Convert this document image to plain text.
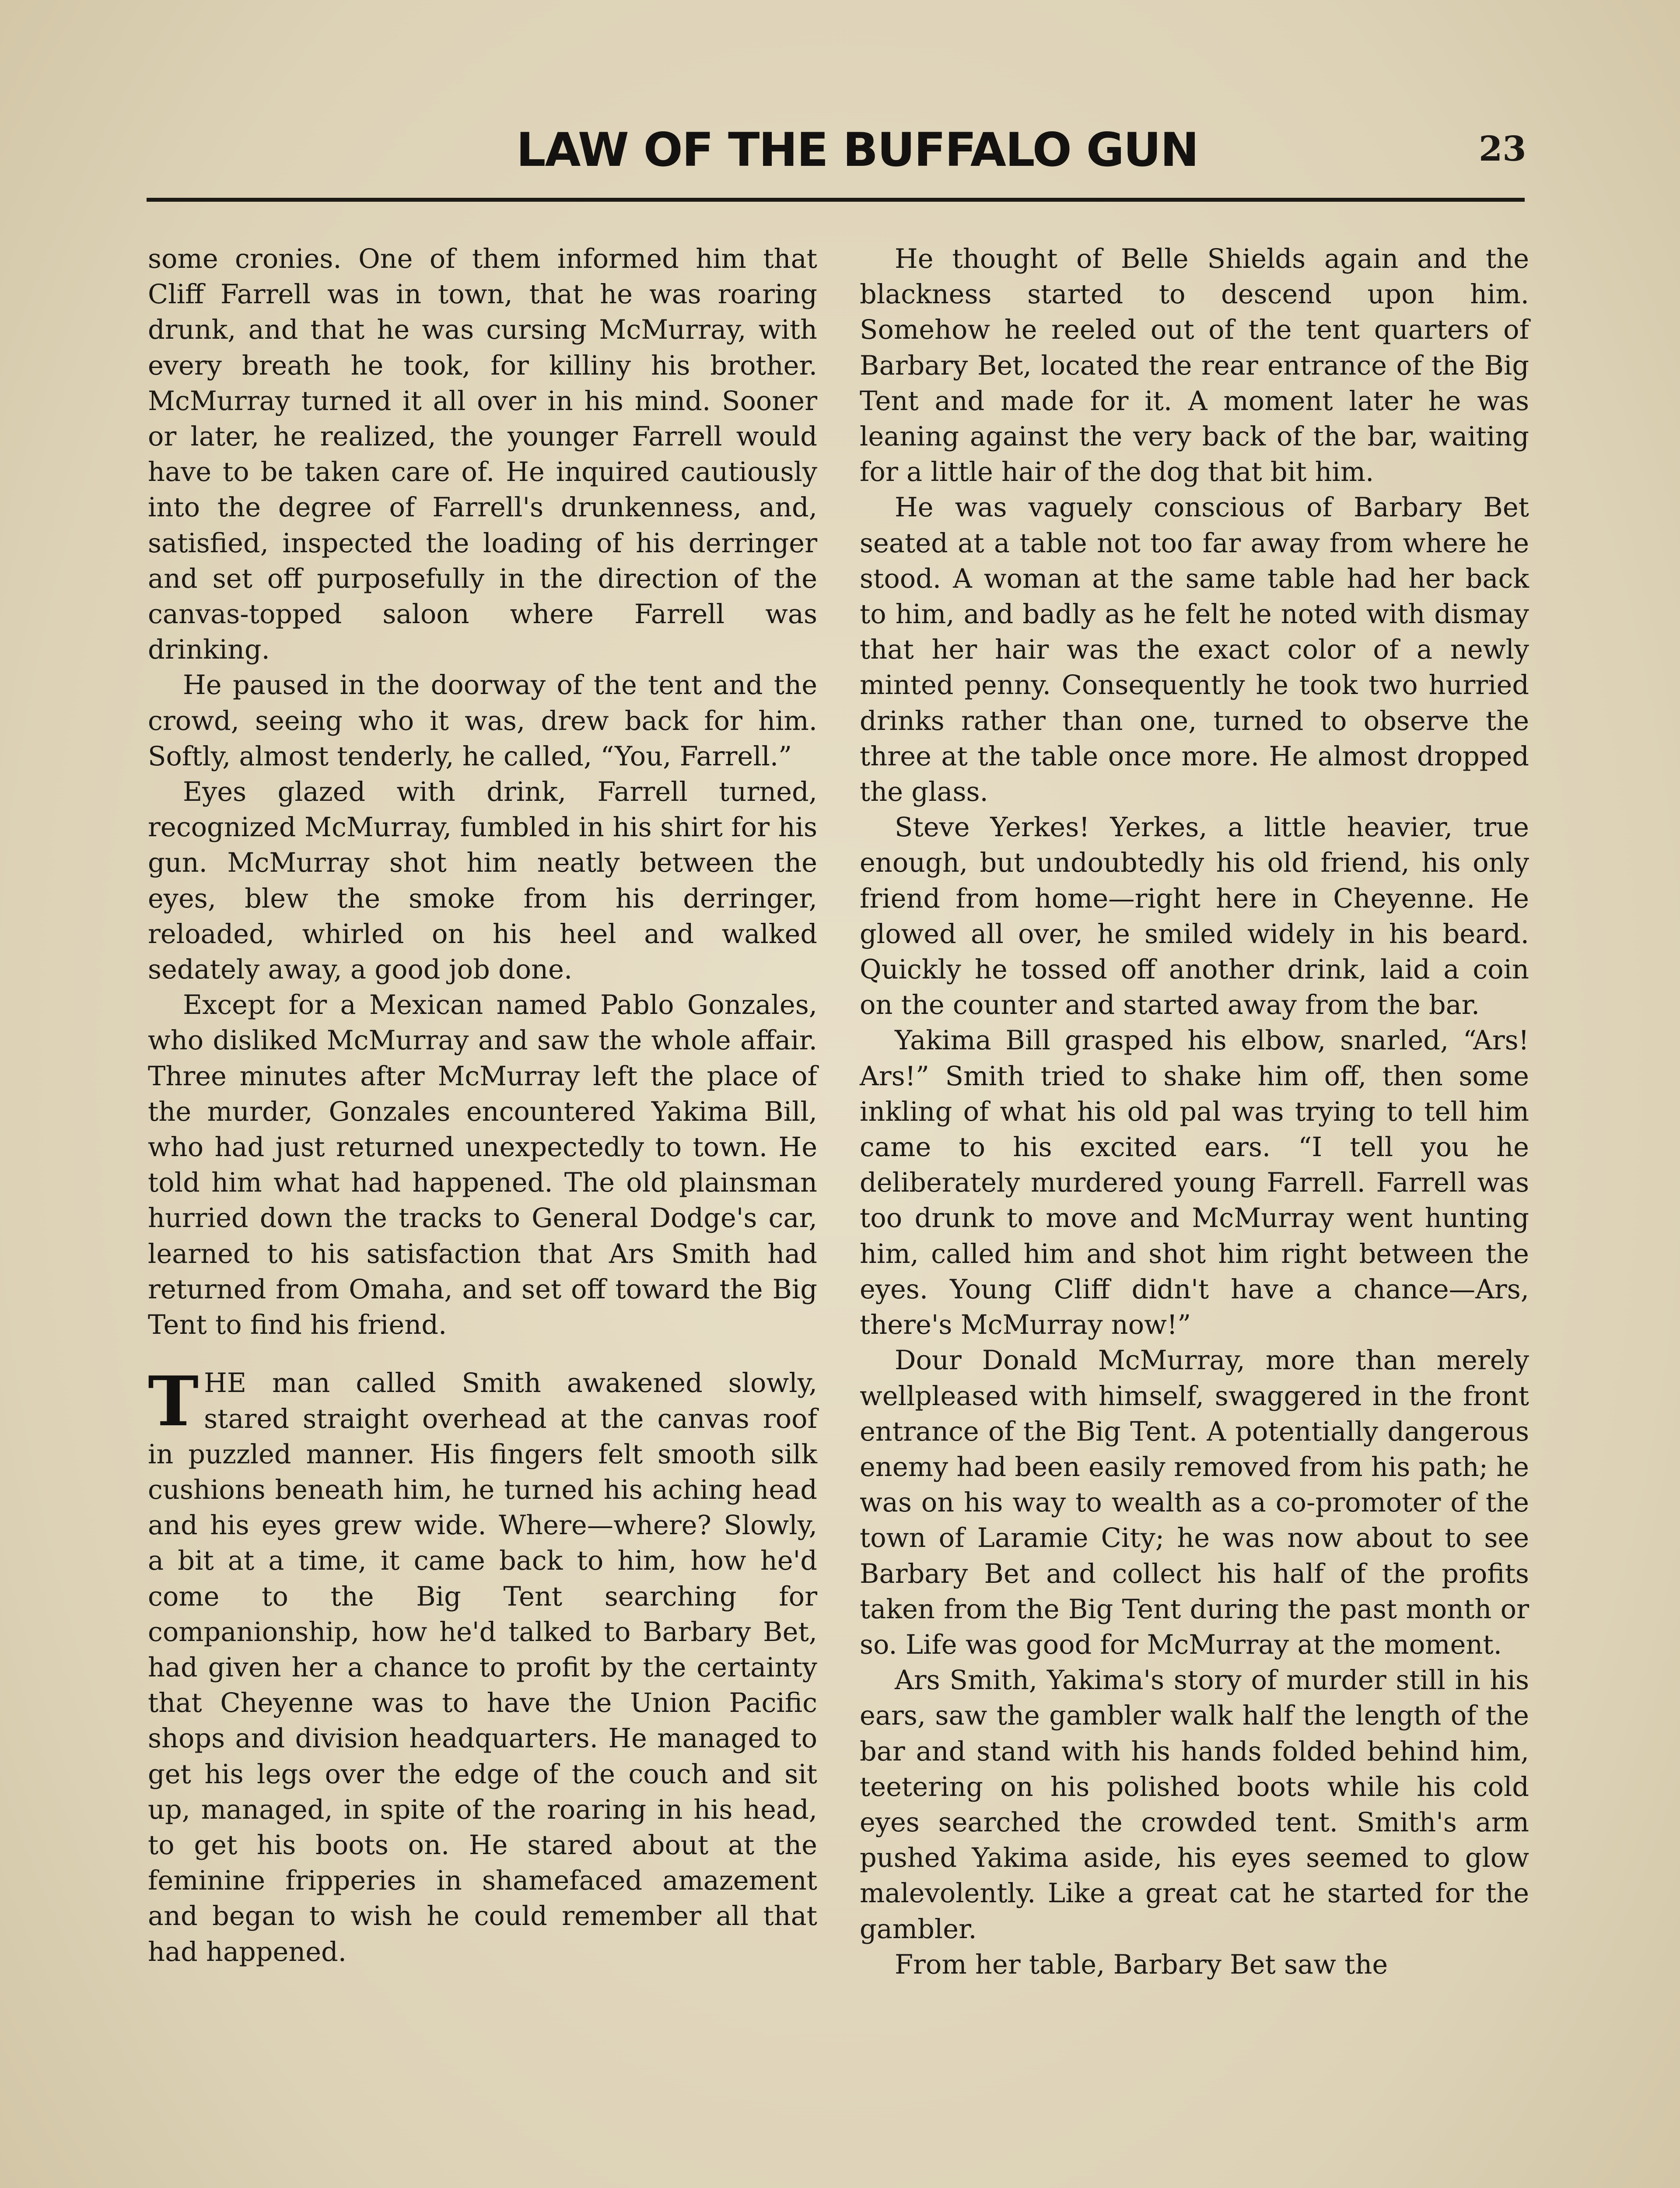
LAW OF THE BUFFALO GUN	23

some cronies. One of them informed him that Cliff Farrell was in town, that he was roaring drunk, and that he was cursing McMurray, with every breath he took, for killiny his brother. McMurray turned it all over in his mind. Sooner or later, he realized, the younger Farrell would have to be taken care of. He inquired cautiously into the degree of Farrell's drunkenness, and, satisfied, inspected the loading of his derringer and set off purposefully in the direction of the canvas-topped saloon where Farrell was drinking.

He paused in the doorway of the tent and the crowd, seeing who it was, drew back for him. Softly, almost tenderly, he called, “You, Farrell.”

Eyes glazed with drink, Farrell turned, recognized McMurray, fumbled in his shirt for his gun. McMurray shot him neatly between the eyes, blew the smoke from his derringer, reloaded, whirled on his heel and walked sedately away, a good job done.

Except for a Mexican named Pablo Gonzales, who disliked McMurray and saw the whole affair. Three minutes after McMurray left the place of the murder, Gonzales encountered Yakima Bill, who had just returned unexpectedly to town. He told him what had happened. The old plainsman hurried down the tracks to General Dodge's car, learned to his satisfaction that Ars Smith had returned from Omaha, and set off toward the Big Tent to find his friend.

THE man called Smith awakened slowly, stared straight overhead at the canvas roof in puzzled manner. His fingers felt smooth silk cushions beneath him, he turned his aching head and his eyes grew wide. Where—where? Slowly, a bit at a time, it came back to him, how he'd come to the Big Tent searching for companionship, how he'd talked to Barbary Bet, had given her a chance to profit by the certainty that Cheyenne was to have the Union Pacific shops and division headquarters. He managed to get his legs over the edge of the couch and sit up, managed, in spite of the roaring in his head, to get his boots on. He stared about at the feminine fripperies in shamefaced amazement and began to wish he could remember all that had happened.

He thought of Belle Shields again and the blackness started to descend upon him. Somehow he reeled out of the tent quarters of Barbary Bet, located the rear entrance of the Big Tent and made for it. A moment later he was leaning against the very back of the bar, waiting for a little hair of the dog that bit him.

He was vaguely conscious of Barbary Bet seated at a table not too far away from where he stood. A woman at the same table had her back to him, and badly as he felt he noted with dismay that her hair was the exact color of a newly minted penny. Consequently he took two hurried drinks rather than one, turned to observe the three at the table once more. He almost dropped the glass.

Steve Yerkes! Yerkes, a little heavier, true enough, but undoubtedly his old friend, his only friend from home—right here in Cheyenne. He glowed all over, he smiled widely in his beard. Quickly he tossed off another drink, laid a coin on the counter and started away from the bar.

Yakima Bill grasped his elbow, snarled, “Ars! Ars!” Smith tried to shake him off, then some inkling of what his old pal was trying to tell him came to his excited ears. “I tell you he deliberately murdered young Farrell. Farrell was too drunk to move and McMurray went hunting him, called him and shot him right between the eyes. Young Cliff didn't have a chance—Ars, there's McMurray now!”

Dour Donald McMurray, more than merely wellpleased with himself, swaggered in the front entrance of the Big Tent. A potentially dangerous enemy had been easily removed from his path; he was on his way to wealth as a co-promoter of the town of Laramie City; he was now about to see Barbary Bet and collect his half of the profits taken from the Big Tent during the past month or so. Life was good for McMurray at the moment.

Ars Smith, Yakima's story of murder still in his ears, saw the gambler walk half the length of the bar and stand with his hands folded behind him, teetering on his polished boots while his cold eyes searched the crowded tent. Smith's arm pushed Yakima aside, his eyes seemed to glow malevolently. Like a great cat he started for the gambler.

From her table, Barbary Bet saw the
